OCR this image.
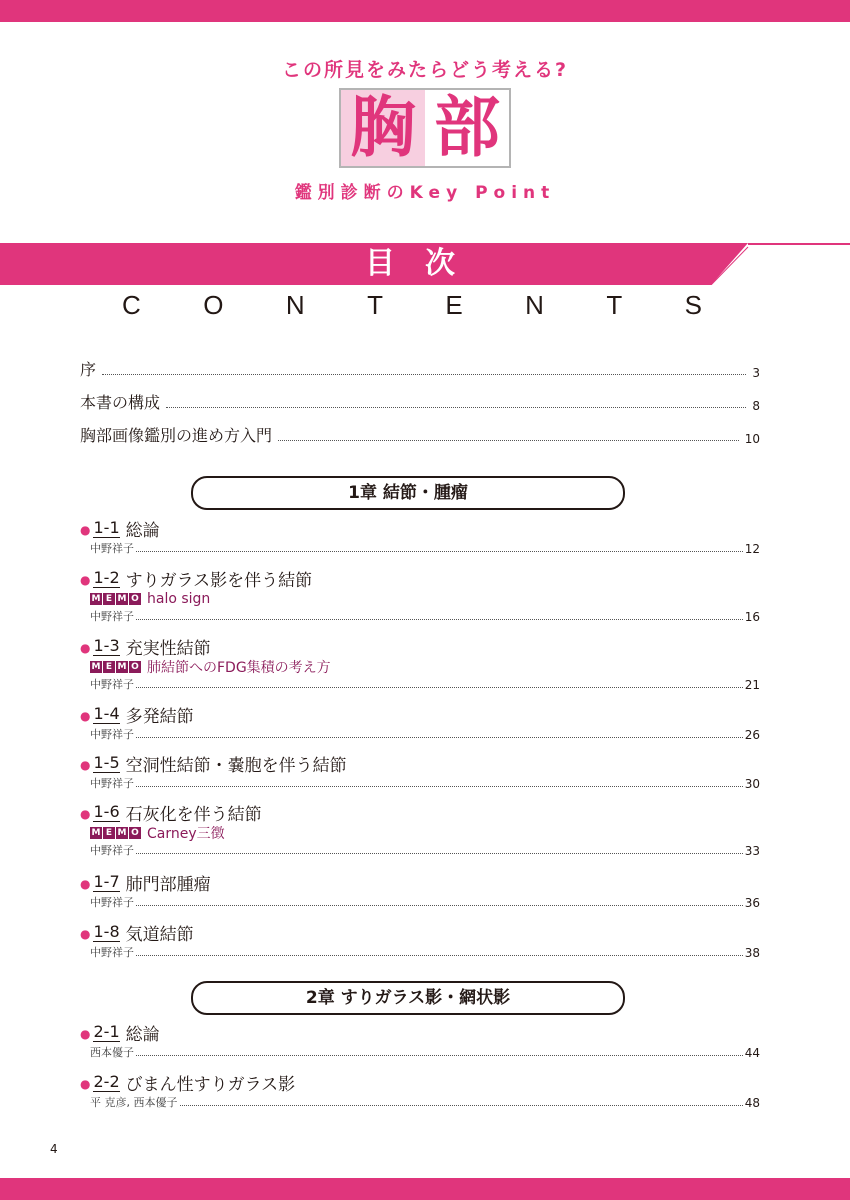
この所見をみたらどう考える?
胸 部
鑑別診断のKey Point
目次
C O N T E N T S
序	3
本書の構成	8
胸部画像鑑別の進め方入門	10
1章 結節・腫瘤
2章 すりガラス影・網状影
● 1-1 総論
中野祥子	12
● 1-2 すりガラス影を伴う結節
M E M O halo sign
中野祥子	16
● 1-3 充実性結節
M E M O 肺結節へのFDG集積の考え方
中野祥子	21
● 1-4 多発結節
中野祥子	26
● 1-5 空洞性結節・嚢胞を伴う結節
中野祥子	30
● 1-6 石灰化を伴う結節
M E M O Carney三徴
中野祥子	33
● 1-7 肺門部腫瘤
中野祥子	36
● 1-8 気道結節
中野祥子	38
● 2-1 総論
西本優子	44
● 2-2 びまん性すりガラス影
平 克彦, 西本優子	48
4
